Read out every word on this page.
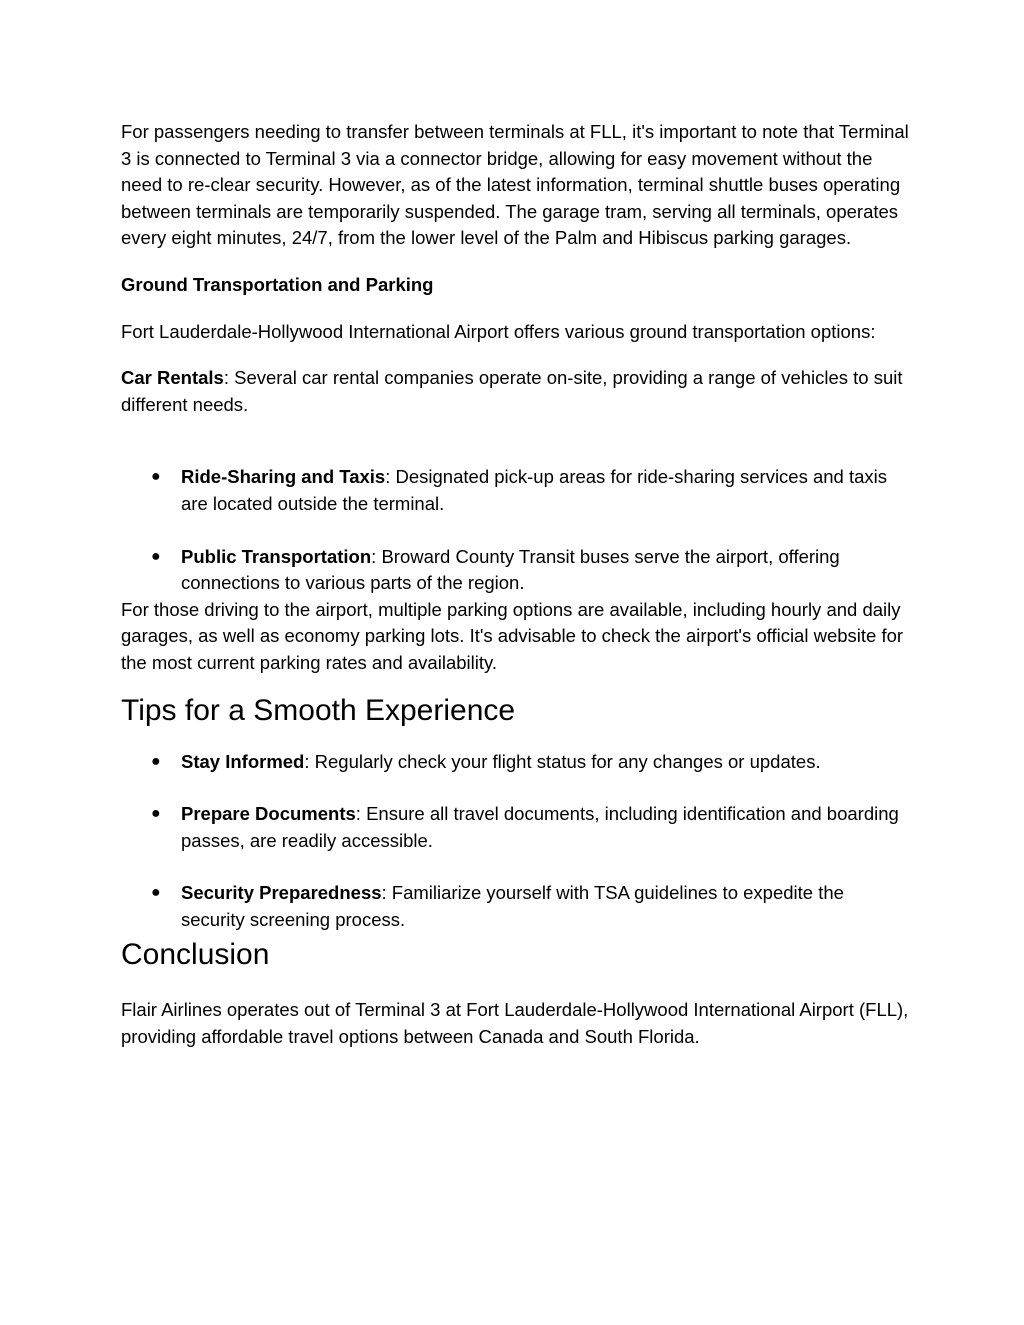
For passengers needing to transfer between terminals at FLL, it's important to note that Terminal 3 is connected to Terminal 3 via a connector bridge, allowing for easy movement without the need to re-clear security. However, as of the latest information, terminal shuttle buses operating between terminals are temporarily suspended. The garage tram, serving all terminals, operates every eight minutes, 24/7, from the lower level of the Palm and Hibiscus parking garages.

Ground Transportation and Parking

Fort Lauderdale-Hollywood International Airport offers various ground transportation options:

Car Rentals: Several car rental companies operate on-site, providing a range of vehicles to suit different needs.

● Ride-Sharing and Taxis: Designated pick-up areas for ride-sharing services and taxis are located outside the terminal.
● Public Transportation: Broward County Transit buses serve the airport, offering connections to various parts of the region.

For those driving to the airport, multiple parking options are available, including hourly and daily garages, as well as economy parking lots. It's advisable to check the airport's official website for the most current parking rates and availability.

Tips for a Smooth Experience
● Stay Informed: Regularly check your flight status for any changes or updates.
● Prepare Documents: Ensure all travel documents, including identification and boarding passes, are readily accessible.
● Security Preparedness: Familiarize yourself with TSA guidelines to expedite the security screening process.
Conclusion

Flair Airlines operates out of Terminal 3 at Fort Lauderdale-Hollywood International Airport (FLL), providing affordable travel options between Canada and South Florida.
